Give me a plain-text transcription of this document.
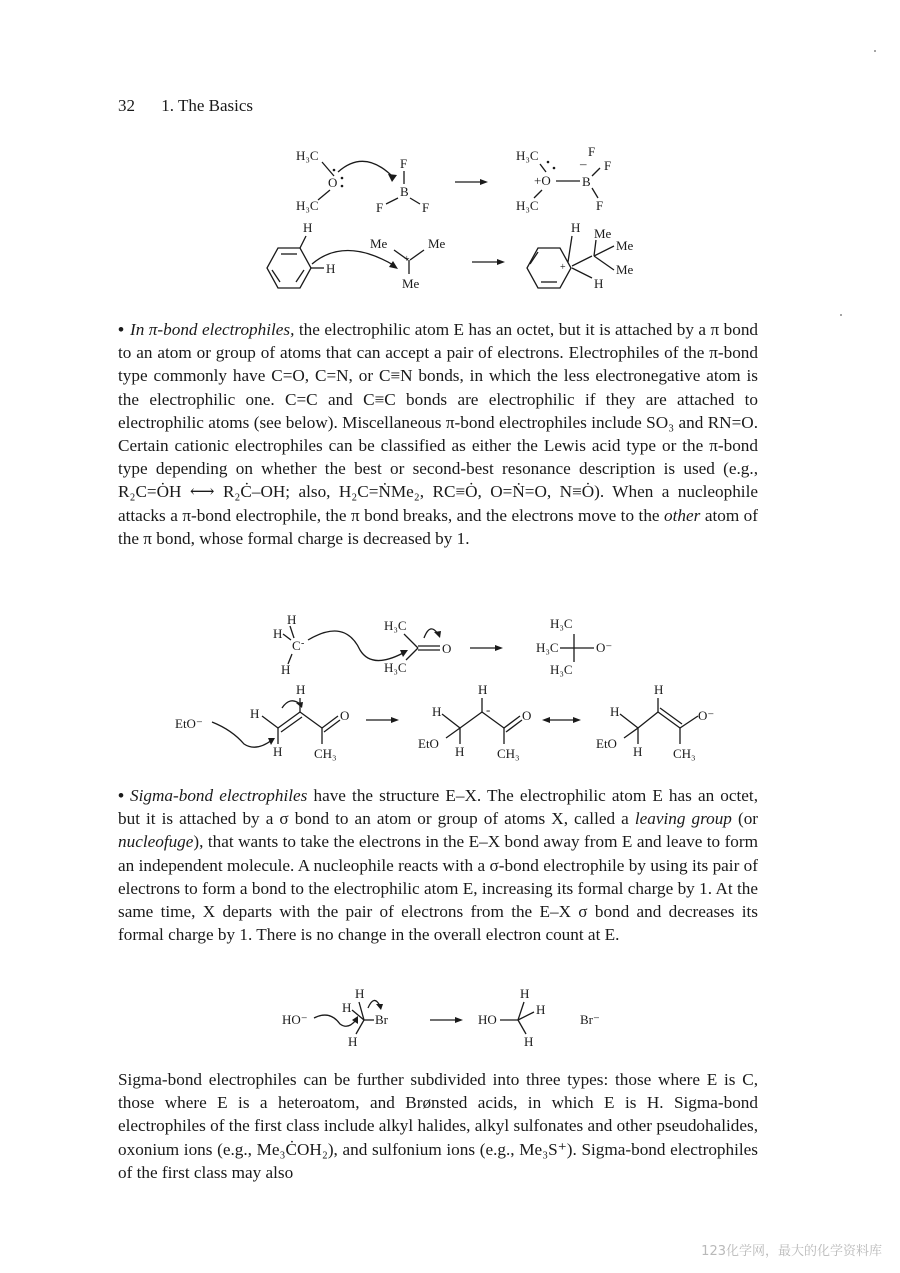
32 1. The Basics
H₃C
O
H₃C
F
B
F	F
H₃C	F
– F
+O B
H₃C	F
H
H
Me	Me
+
Me
H
+
Me
Me
Me
H

• In π-bond electrophiles, the electrophilic atom E has an octet, but it is attached by a π bond to an atom or group of atoms that can accept a pair of electrons. Electrophiles of the π-bond type commonly have C=O, C=N, or C≡N bonds, in which the less electronegative atom is the electrophilic one. C=C and C≡C bonds are electrophilic if they are attached to electrophilic atoms (see below). Miscellaneous π-bond electrophiles include SO₃ and RN=O. Certain cationic electrophiles can be classified as either the Lewis acid type or the π-bond type depending on whether the best or second-best resonance description is used (e.g., R₂C=ȮH ⟷ R₂Ċ–OH; also, H₂C=ṄMe₂, RC≡Ȯ, O=Ṅ=O, N≡Ȯ). When a nucleophile attacks a π-bond electrophile, the π bond breaks, and the electrons move to the other atom of the π bond, whose formal charge is decreased by 1.

H
H
C -
H
H₃C
O
H₃C
H₃C
H₃C	O⁻
H₃C
EtO⁻
H
H	O
H CH₃
H
H	- O
EtO
H	CH₃
H
H	O⁻
EtO
H CH₃

• Sigma-bond electrophiles have the structure E–X. The electrophilic atom E has an octet, but it is attached by a σ bond to an atom or group of atoms X, called a leaving group (or nucleofuge), that wants to take the electrons in the E–X bond away from E and leave to form an independent molecule. A nucleophile reacts with a σ-bond electrophile by using its pair of electrons to form a bond to the electrophilic atom E, increasing its formal charge by 1. At the same time, X departs with the pair of electrons from the E–X σ bond and decreases its formal charge by 1. There is no change in the overall electron count at E.

HO⁻
H
H
Br
H
HO
H
H
H
Br⁻

Sigma-bond electrophiles can be further subdivided into three types: those where E is C, those where E is a heteroatom, and Brønsted acids, in which E is H. Sigma-bond electrophiles of the first class include alkyl halides, alkyl sulfonates and other pseudohalides, oxonium ions (e.g., Me₃ĊOH₂), and sulfonium ions (e.g., Me₃S⁺). Sigma-bond electrophiles of the first class may also

123化学网，最大的化学资料库
